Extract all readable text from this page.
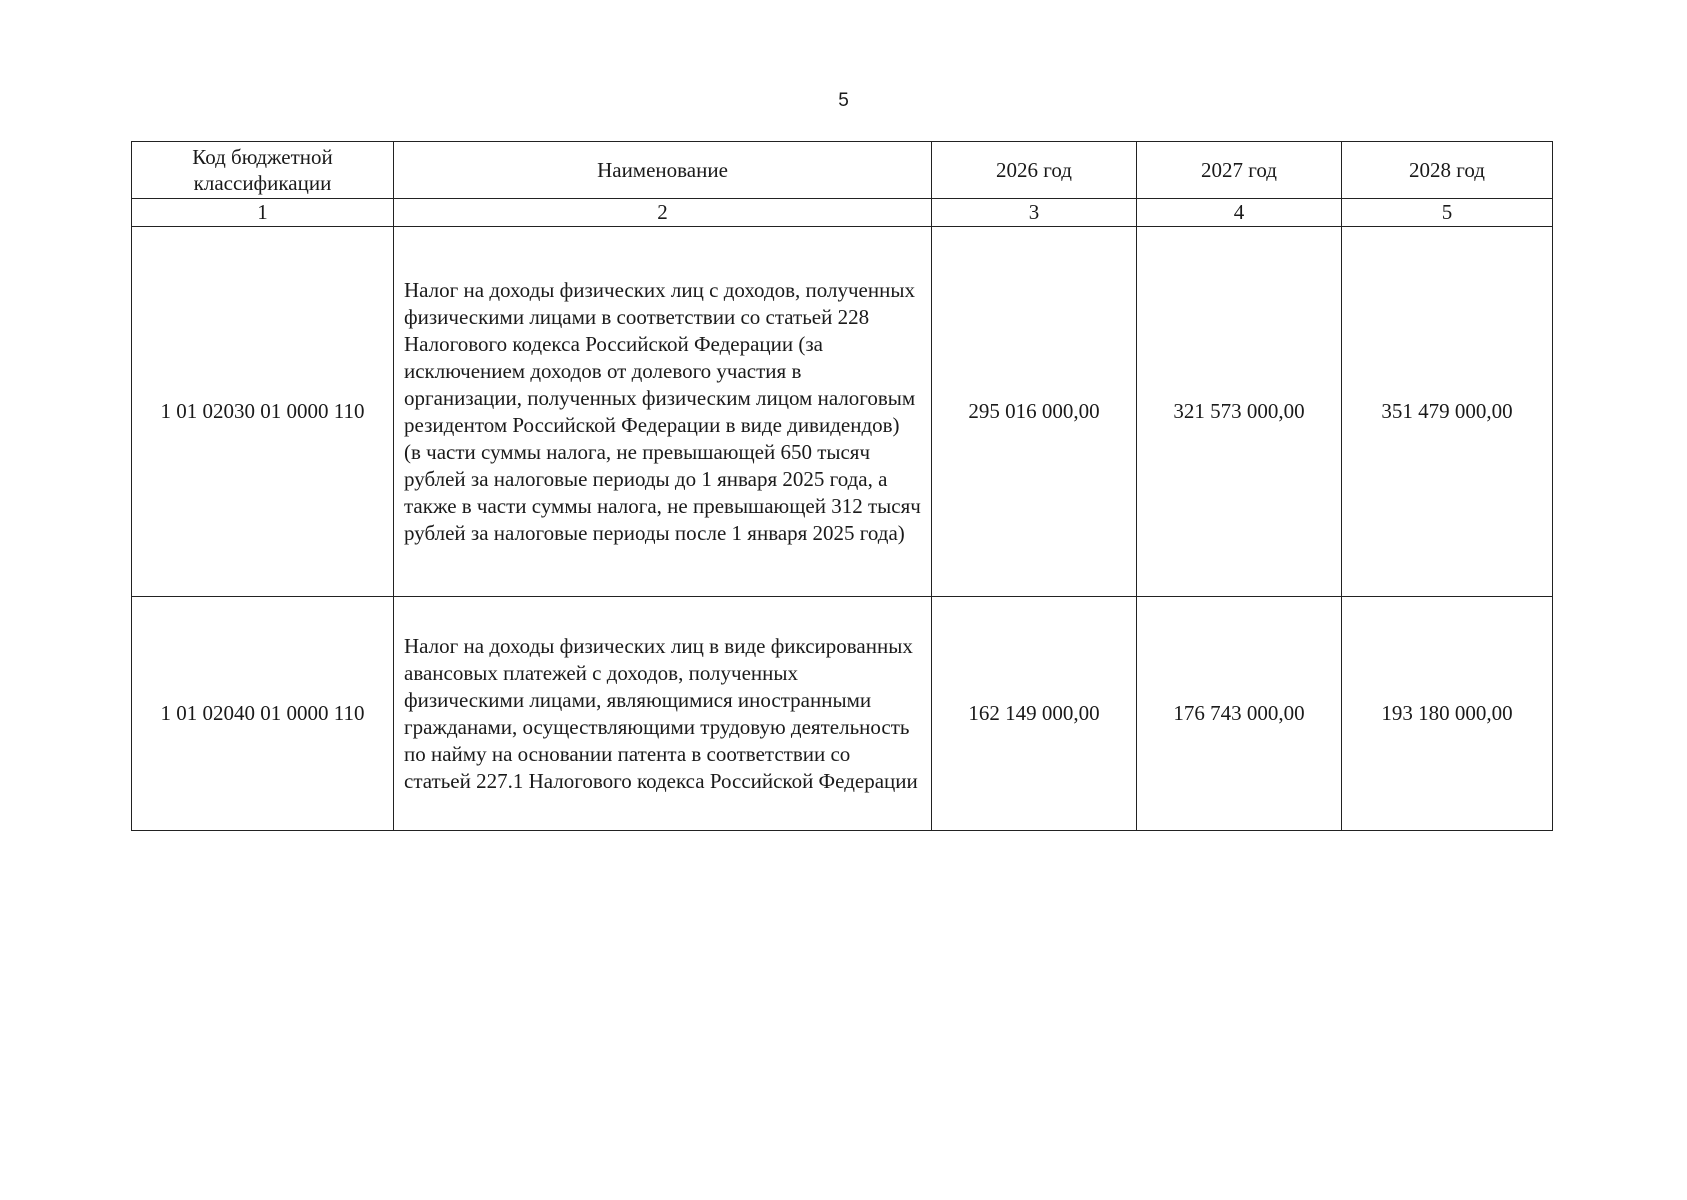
5
Код бюджетной классификации	Наименование	2026 год	2027 год	2028 год
1	2	3	4	5
1 01 02030 01 0000 110	Налог на доходы физических лиц с доходов, полученных физическими лицами в соответствии со статьей 228 Налогового кодекса Российской Федерации (за исключением доходов от долевого участия в организации, полученных физическим лицом налоговым резидентом Российской Федерации в виде дивидендов) (в части суммы налога, не превышающей 650 тысяч рублей за налоговые периоды до 1 января 2025 года, а также в части суммы налога, не превышающей 312 тысяч рублей за налоговые периоды после 1 января 2025 года)	295 016 000,00	321 573 000,00	351 479 000,00
1 01 02040 01 0000 110	Налог на доходы физических лиц в виде фиксированных авансовых платежей с доходов, полученных физическими лицами, являющимися иностранными гражданами, осуществляющими трудовую деятельность по найму на основании патента в соответствии со статьей 227.1 Налогового кодекса Российской Федерации	162 149 000,00	176 743 000,00	193 180 000,00
